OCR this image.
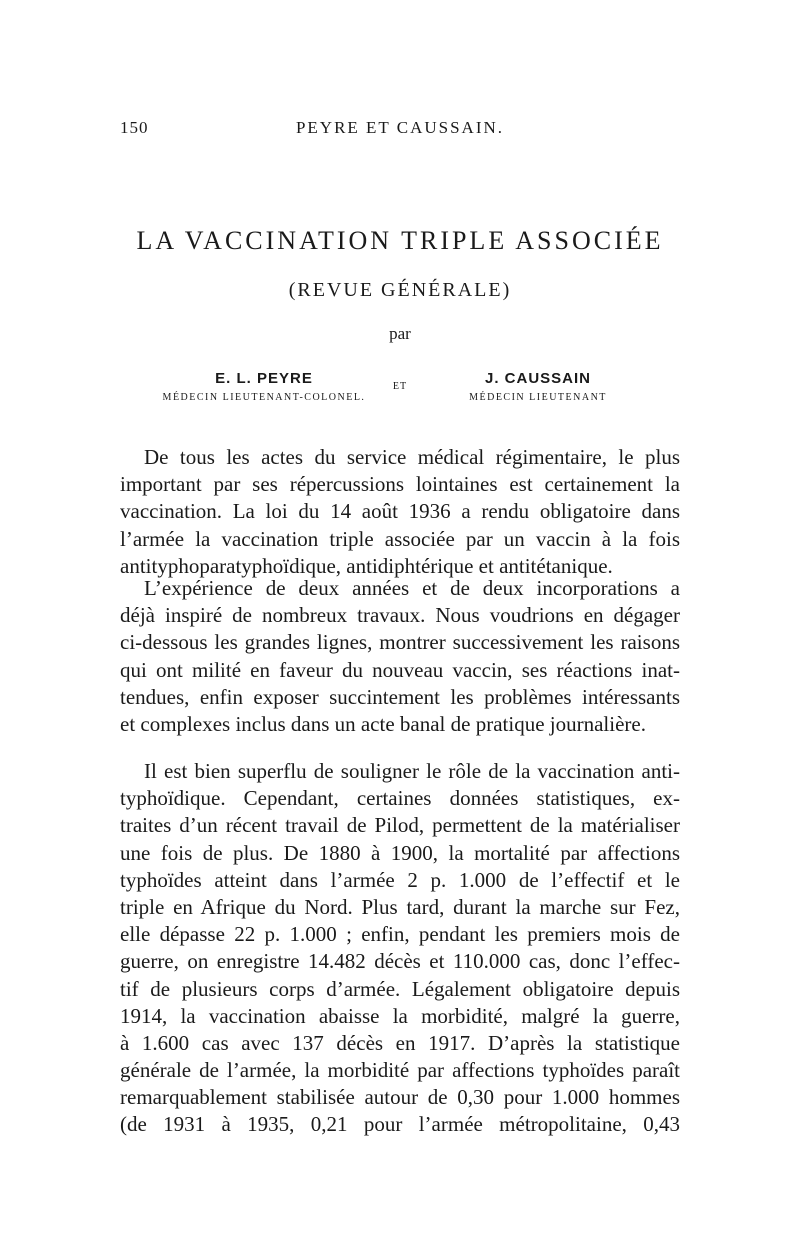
150	PEYRE ET CAUSSAIN.
LA VACCINATION TRIPLE ASSOCIÉE
(REVUE GÉNÉRALE)
par
E. L. PEYRE
MÉDECIN LIEUTENANT-COLONEL.
ET	J. CAUSSAIN
MÉDECIN LIEUTENANT
De tous les actes du service médical régimentaire, le plus
important par ses répercussions lointaines est certainement la
vaccination. La loi du 14 août 1936 a rendu obligatoire dans
l’armée la vaccination triple associée par un vaccin à la fois
antityphoparatyphoïdique, antidiphtérique et antitétanique.
L’expérience de deux années et de deux incorporations a
déjà inspiré de nombreux travaux. Nous voudrions en dégager
ci-dessous les grandes lignes, montrer successivement les raisons
qui ont milité en faveur du nouveau vaccin, ses réactions inat-
tendues, enfin exposer succintement les problèmes intéressants
et complexes inclus dans un acte banal de pratique journalière.
Il est bien superflu de souligner le rôle de la vaccination anti-
typhoïdique. Cependant, certaines données statistiques, ex-
traites d’un récent travail de Pilod, permettent de la matérialiser
une fois de plus. De 1880 à 1900, la mortalité par affections
typhoïdes atteint dans l’armée 2 p. 1.000 de l’effectif et le
triple en Afrique du Nord. Plus tard, durant la marche sur Fez,
elle dépasse 22 p. 1.000 ; enfin, pendant les premiers mois de
guerre, on enregistre 14.482 décès et 110.000 cas, donc l’effec-
tif de plusieurs corps d’armée. Légalement obligatoire depuis
1914, la vaccination abaisse la morbidité, malgré la guerre,
à 1.600 cas avec 137 décès en 1917. D’après la statistique
générale de l’armée, la morbidité par affections typhoïdes paraît
remarquablement stabilisée autour de 0,30 pour 1.000 hommes
(de 1931 à 1935, 0,21 pour l’armée métropolitaine, 0,43
